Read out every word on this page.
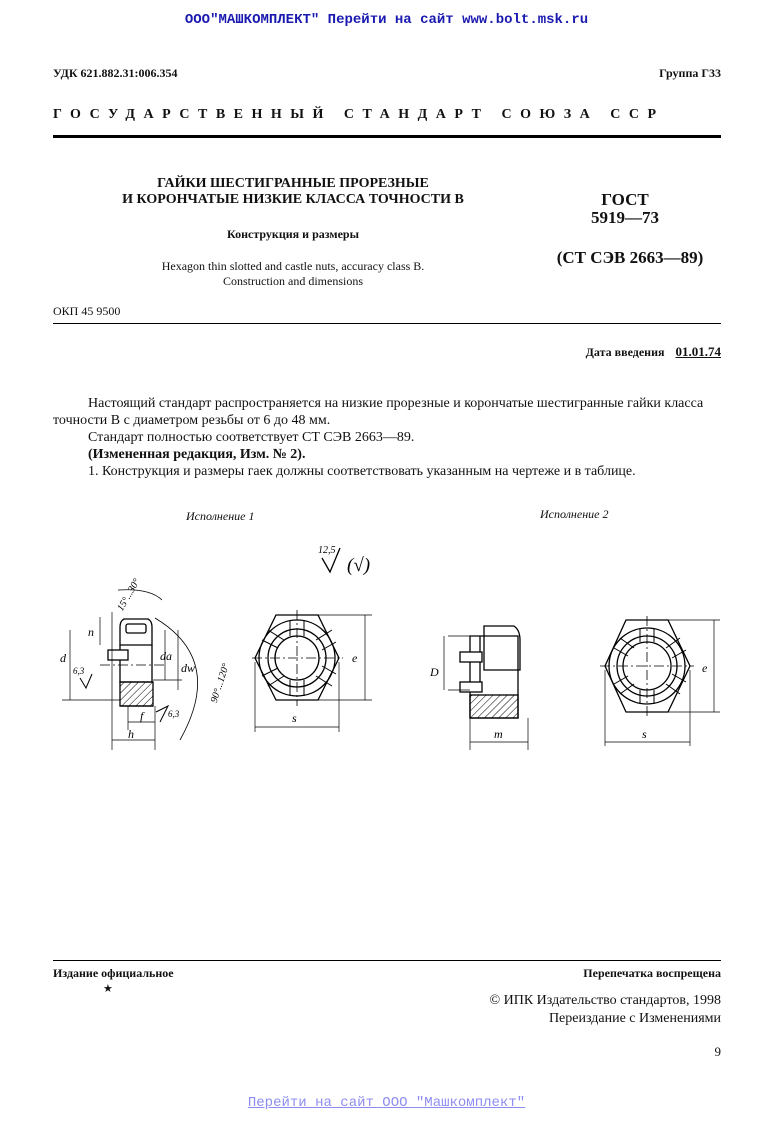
ООО"МАШКОМПЛЕКТ" Перейти на сайт www.bolt.msk.ru
УДК 621.882.31:006.354	Группа Г33
ГОСУДАРСТВЕННЫЙ СТАНДАРТ СОЮЗА ССР
ГАЙКИ ШЕСТИГРАННЫЕ ПРОРЕЗНЫЕ
И КОРОНЧАТЫЕ НИЗКИЕ КЛАССА ТОЧНОСТИ В
Конструкция и размеры
Hexagon thin slotted and castle nuts, accuracy class B.
Construction and dimensions
ГОСТ
5919—73
(СТ СЭВ 2663—89)
ОКП 45 9500
Дата введения 01.01.74
Настоящий стандарт распространяется на низкие прорезные и корончатые шестигранные гайки класса точности В с диаметром резьбы от 6 до 48 мм.
Стандарт полностью соответствует СТ СЭВ 2663—89.
(Измененная редакция, Изм. № 2).
1. Конструкция и размеры гаек должны соответствовать указанным на чертеже и в таблице.
Исполнение 1	Исполнение 2
12,5
(√)
d
n
6,3
da
dw
f
h
6,3
15°...30°
90°...120°
s
e
D
m	s
e
Издание официальное
★
Перепечатка воспрещена
© ИПК Издательство стандартов, 1998
Переиздание с Изменениями
9
Перейти на сайт ООО "Машкомплект"
